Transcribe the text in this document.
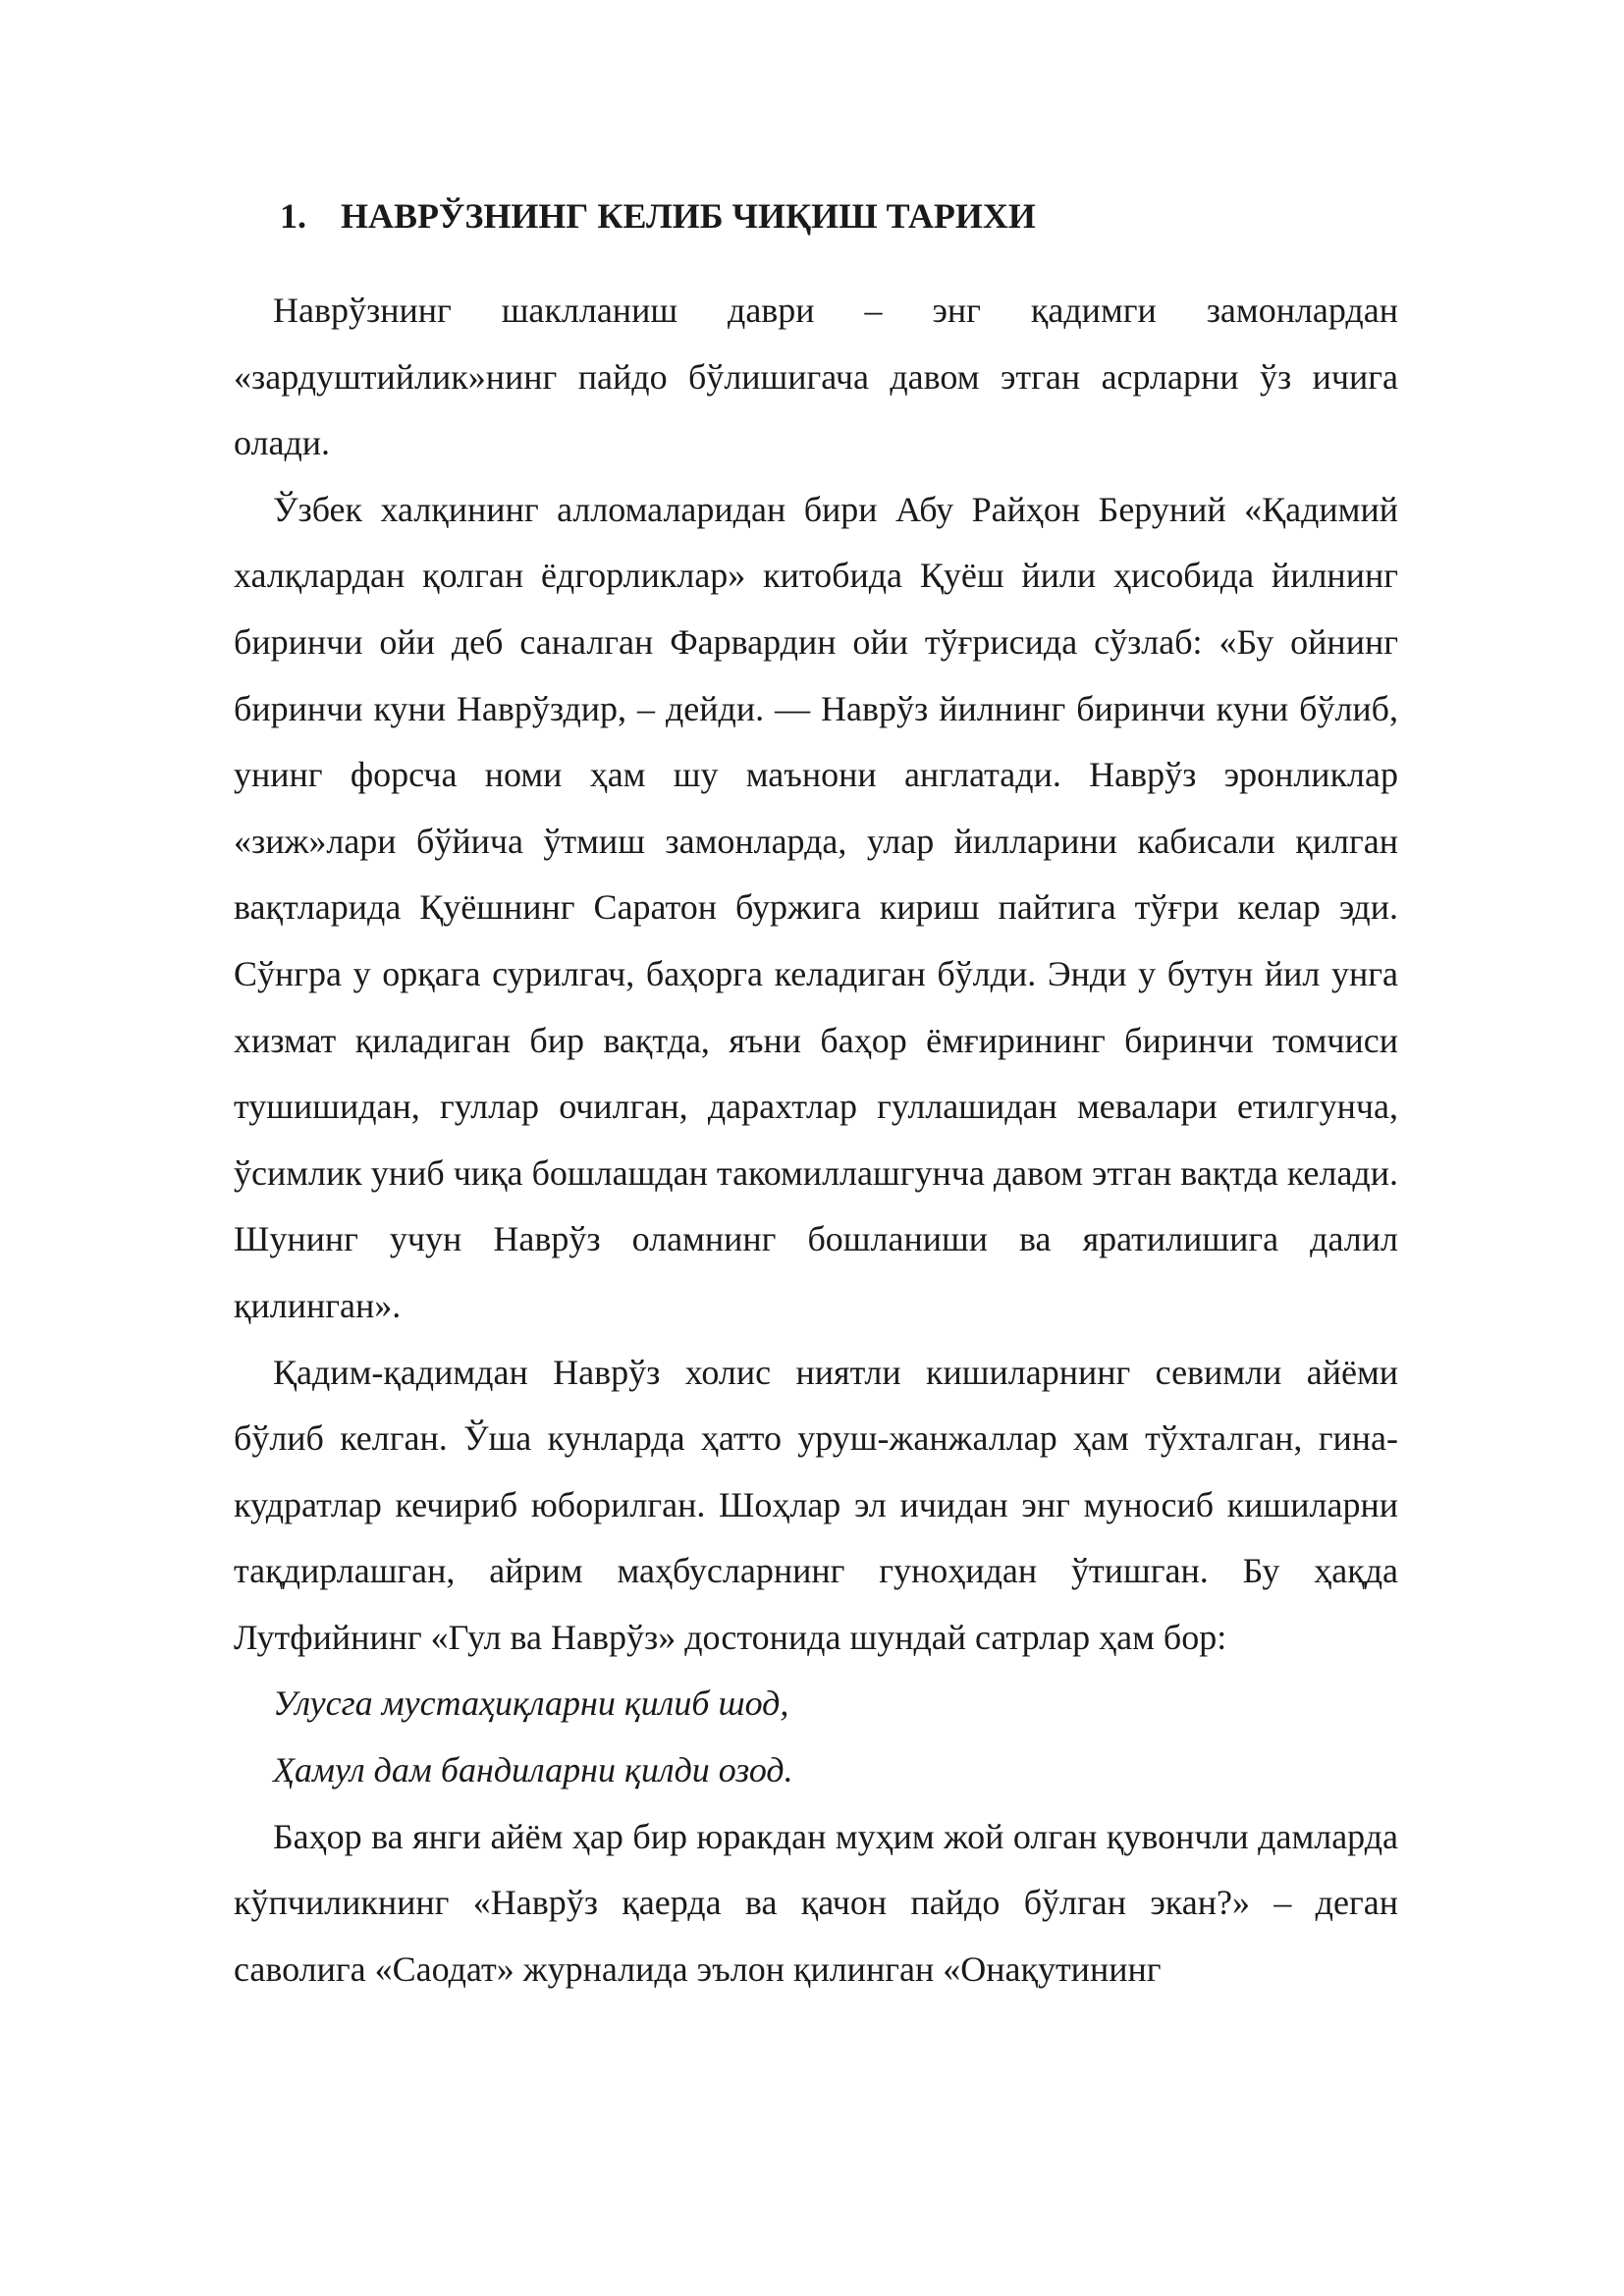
1. НАВРЎЗНИНГ КЕЛИБ ЧИҚИШ ТАРИХИ

Наврўзнинг шаклланиш даври – энг қадимги замонлардан «зардуштийлик»нинг пайдо бўлишигача давом этган асрларни ўз ичига олади.

Ўзбек халқининг алломаларидан бири Абу Райҳон Беруний «Қадимий халқлардан қолган ёдгорликлар» китобида Қуёш йили ҳисобида йилнинг биринчи ойи деб саналган Фарвардин ойи тўғрисида сўзлаб: «Бу ойнинг биринчи куни Наврўздир, – дейди. — Наврўз йилнинг биринчи куни бўлиб, унинг форсча номи ҳам шу маънони англатади. Наврўз эронликлар «зиж»лари бўйича ўтмиш замонларда, улар йилларини кабисали қилган вақтларида Қуёшнинг Саратон буржига кириш пайтига тўғри келар эди. Сўнгра у орқага сурилгач, баҳорга келадиган бўлди. Энди у бутун йил унга хизмат қиладиган бир вақтда, яъни баҳор ёмғирининг биринчи томчиси тушишидан, гуллар очилган, дарахтлар гуллашидан мевалари етилгунча, ўсимлик униб чиқа бошлашдан такомиллашгунча давом этган вақтда келади. Шунинг учун Наврўз оламнинг бошланиши ва яратилишига далил қилинган».

Қадим-қадимдан Наврўз холис ниятли кишиларнинг севимли айёми бўлиб келган. Ўша кунларда ҳатто уруш-жанжаллар ҳам тўхталган, гина-кудратлар кечириб юборилган. Шоҳлар эл ичидан энг муносиб кишиларни тақдирлашган, айрим маҳбусларнинг гуноҳидан ўтишган. Бу ҳақда Лутфийнинг «Гул ва Наврўз» достонида шундай сатрлар ҳам бор:

Улусга мустаҳиқларни қилиб шод,

Ҳамул дам бандиларни қилди озод.

Баҳор ва янги айём ҳар бир юракдан муҳим жой олган қувончли дамларда кўпчиликнинг «Наврўз қаерда ва қачон пайдо бўлган экан?» – деган саволига «Саодат» журналида эълон қилинган «Онақутининг
